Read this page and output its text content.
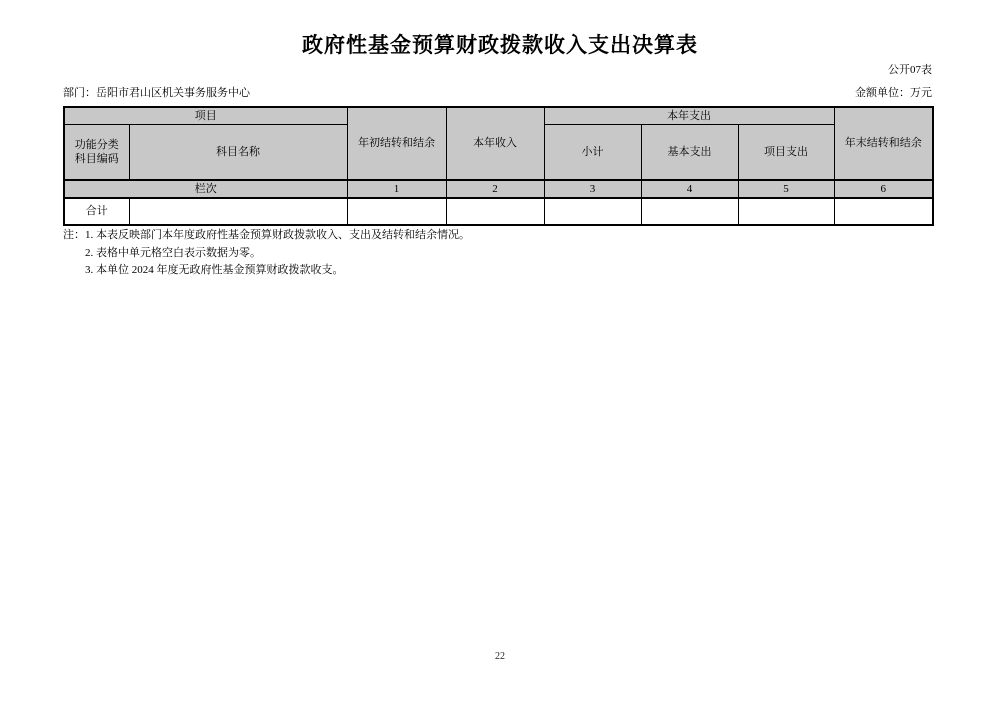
政府性基金预算财政拨款收入支出决算表
公开07表
部门：岳阳市君山区机关事务服务中心	金额单位：万元
项目		年初结转和结余	本年收入	本年支出			年末结转和结余
功能分类
科目编码	科目名称			小计	基本支出	项目支出	
栏次		1	2	3	4	5	6
合计							
注： 1. 本表反映部门本年度政府性基金预算财政拨款收入、支出及结转和结余情况。
2. 表格中单元格空白表示数据为零。
3. 本单位 2024 年度无政府性基金预算财政拨款收支。
22
